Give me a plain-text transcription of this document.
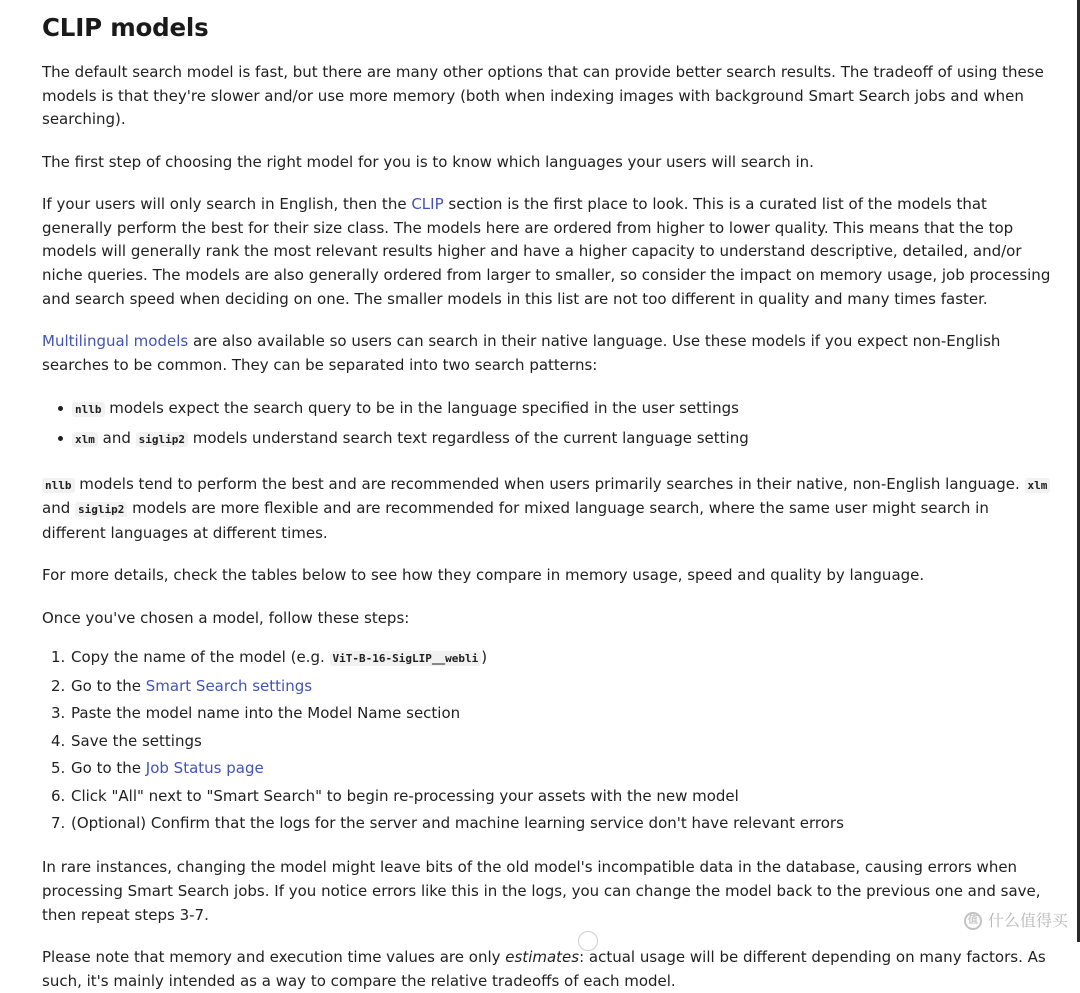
CLIP models

The default search model is fast, but there are many other options that can provide better search results. The tradeoff of using these models is that they're slower and/or use more memory (both when indexing images with background Smart Search jobs and when searching).

The first step of choosing the right model for you is to know which languages your users will search in.

If your users will only search in English, then the CLIP section is the first place to look. This is a curated list of the models that generally perform the best for their size class. The models here are ordered from higher to lower quality. This means that the top models will generally rank the most relevant results higher and have a higher capacity to understand descriptive, detailed, and/or niche queries. The models are also generally ordered from larger to smaller, so consider the impact on memory usage, job processing and search speed when deciding on one. The smaller models in this list are not too different in quality and many times faster.

Multilingual models are also available so users can search in their native language. Use these models if you expect non-English searches to be common. They can be separated into two search patterns:

nllb models expect the search query to be in the language specified in the user settings
xlm and siglip2 models understand search text regardless of the current language setting

nllb models tend to perform the best and are recommended when users primarily searches in their native, non-English language. xlm and siglip2 models are more flexible and are recommended for mixed language search, where the same user might search in different languages at different times.

For more details, check the tables below to see how they compare in memory usage, speed and quality by language.

Once you've chosen a model, follow these steps:

1. Copy the name of the model (e.g. ViT-B-16-SigLIP__webli )
2. Go to the Smart Search settings
3. Paste the model name into the Model Name section
4. Save the settings
5. Go to the Job Status page
6. Click "All" next to "Smart Search" to begin re-processing your assets with the new model
7. (Optional) Confirm that the logs for the server and machine learning service don't have relevant errors

In rare instances, changing the model might leave bits of the old model's incompatible data in the database, causing errors when processing Smart Search jobs. If you notice errors like this in the logs, you can change the model back to the previous one and save, then repeat steps 3-7.

Please note that memory and execution time values are only estimates: actual usage will be different depending on many factors. As such, it's mainly intended as a way to compare the relative tradeoffs of each model.

值 什么值得买
